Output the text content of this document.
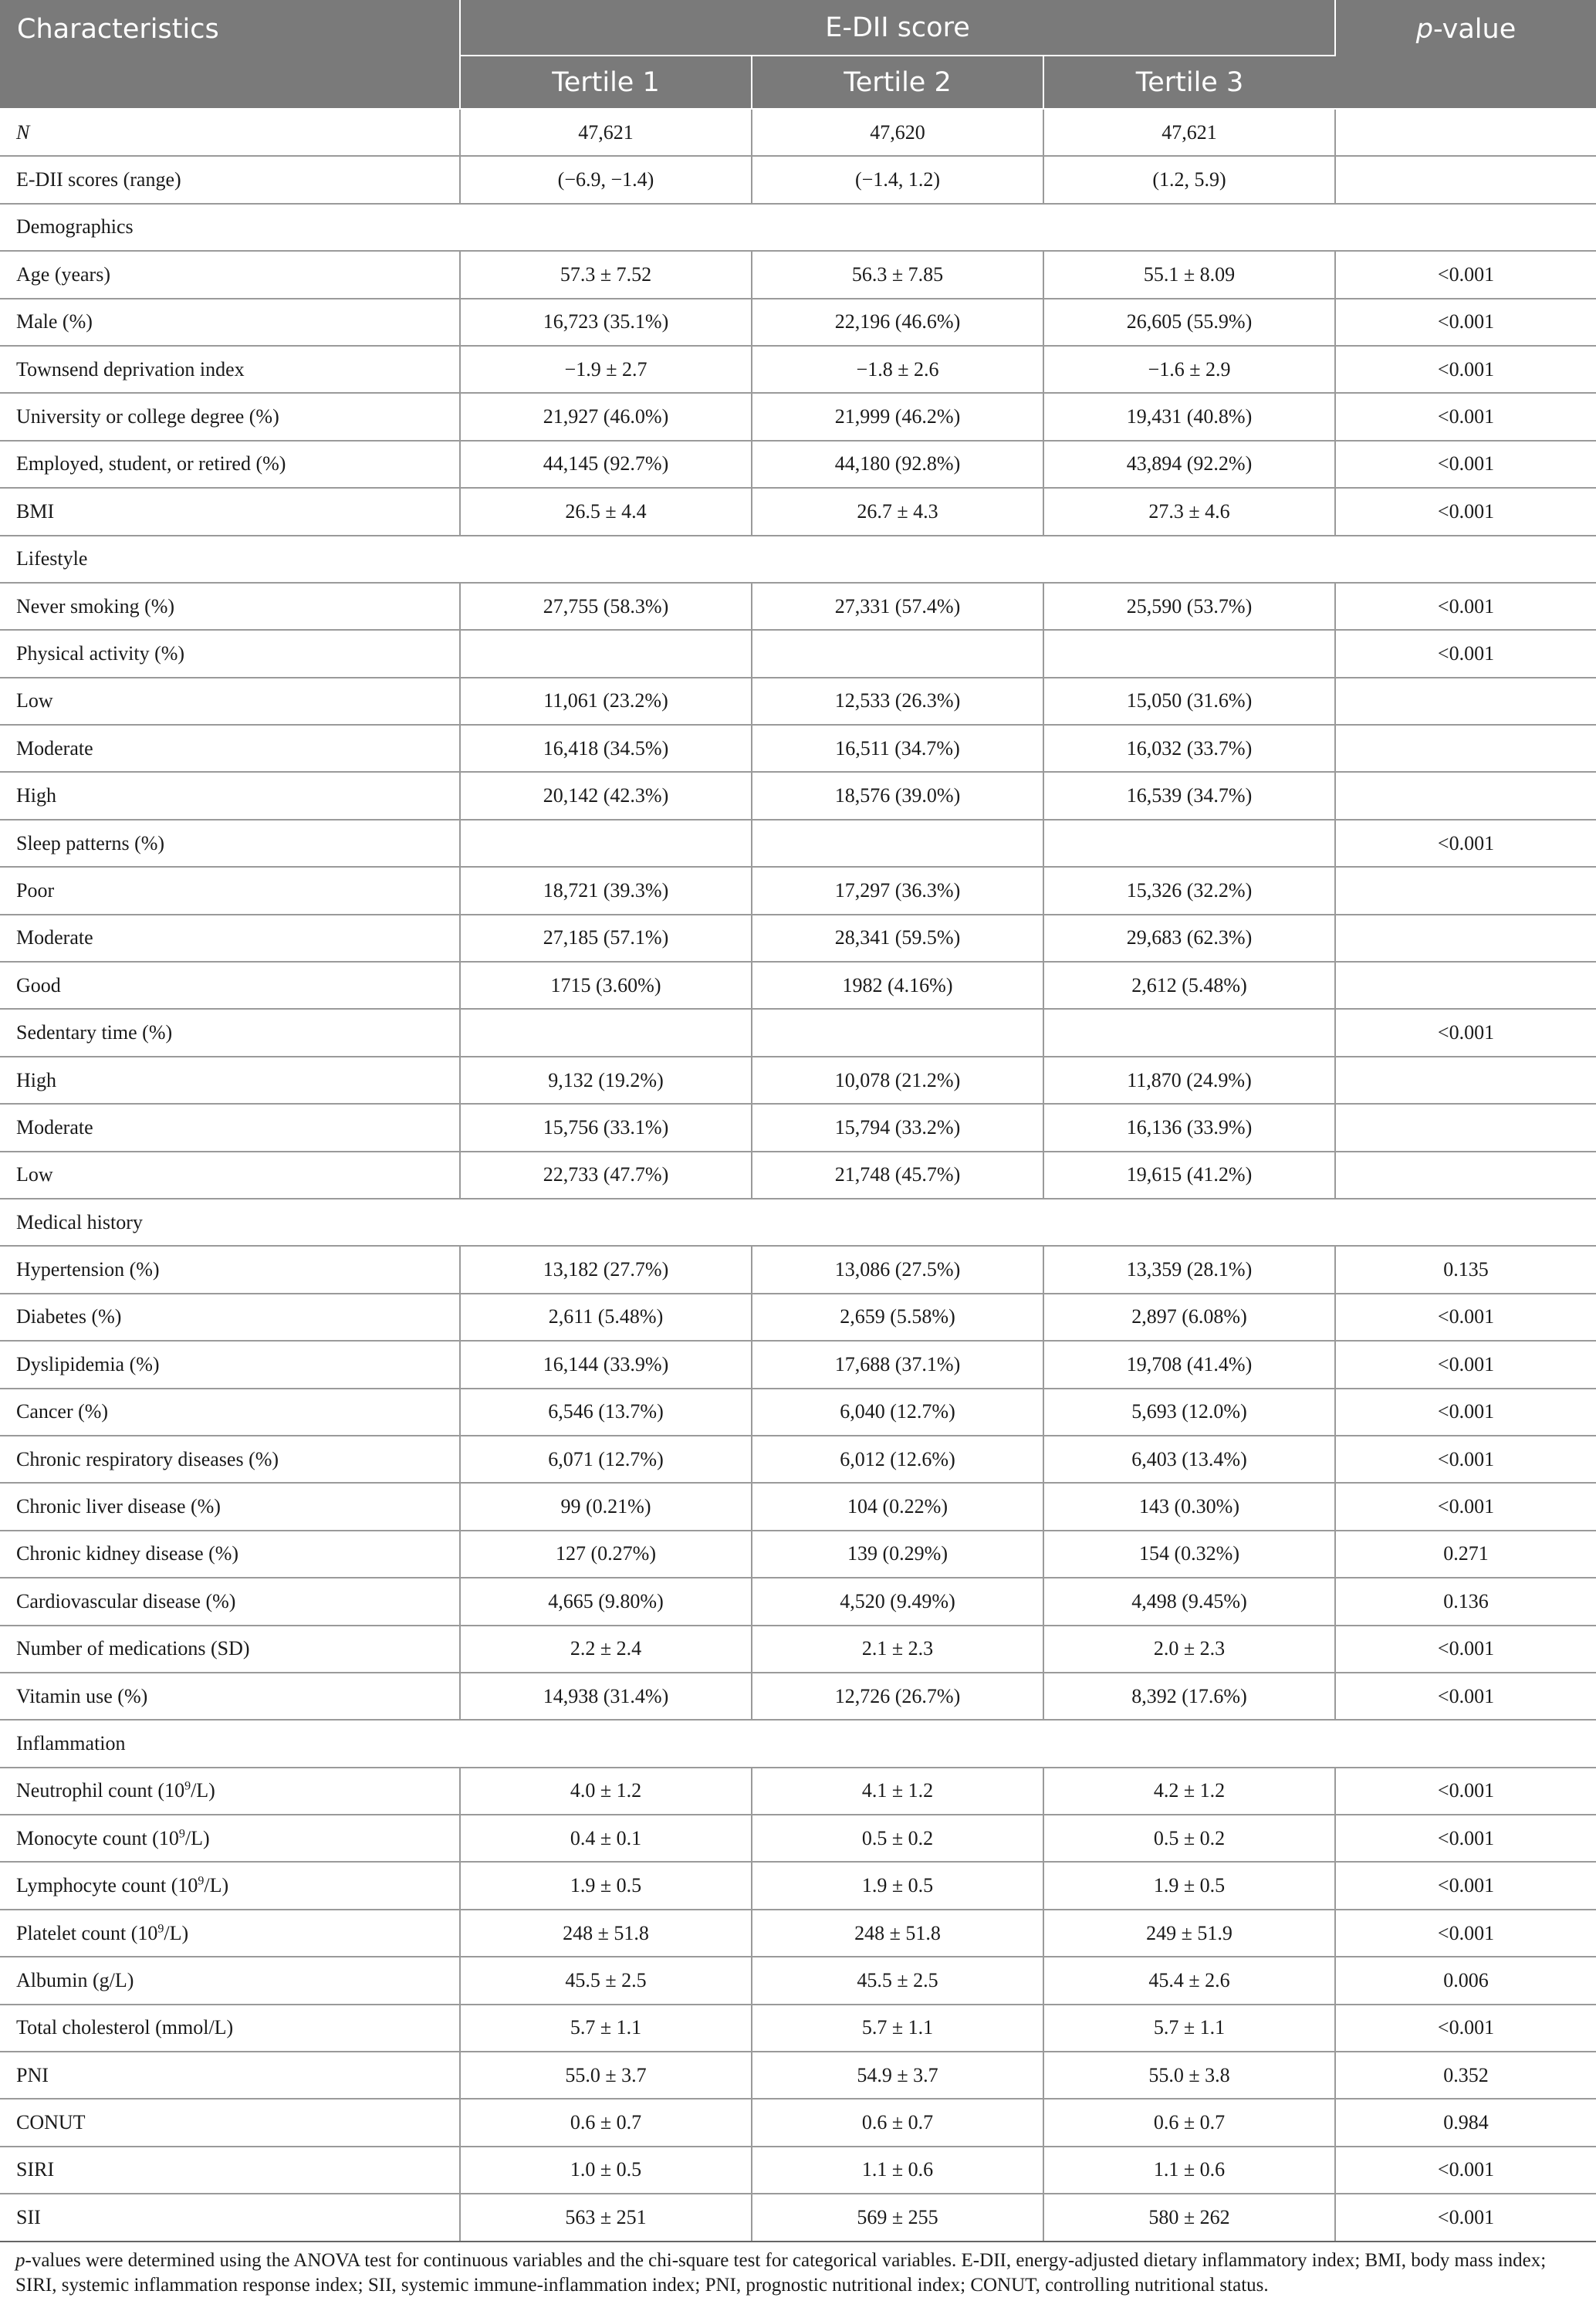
Characteristics	E-DII score			p-value
	Tertile 1	Tertile 2	Tertile 3	
N	47,621	47,620	47,621	
E-DII scores (range)	(−6.9, −1.4)	(−1.4, 1.2)	(1.2, 5.9)	
Demographics				
Age (years)	57.3 ± 7.52	56.3 ± 7.85	55.1 ± 8.09	<0.001
Male (%)	16,723 (35.1%)	22,196 (46.6%)	26,605 (55.9%)	<0.001
Townsend deprivation index	−1.9 ± 2.7	−1.8 ± 2.6	−1.6 ± 2.9	<0.001
University or college degree (%)	21,927 (46.0%)	21,999 (46.2%)	19,431 (40.8%)	<0.001
Employed, student, or retired (%)	44,145 (92.7%)	44,180 (92.8%)	43,894 (92.2%)	<0.001
BMI	26.5 ± 4.4	26.7 ± 4.3	27.3 ± 4.6	<0.001
Lifestyle				
Never smoking (%)	27,755 (58.3%)	27,331 (57.4%)	25,590 (53.7%)	<0.001
Physical activity (%)				<0.001
Low	11,061 (23.2%)	12,533 (26.3%)	15,050 (31.6%)	
Moderate	16,418 (34.5%)	16,511 (34.7%)	16,032 (33.7%)	
High	20,142 (42.3%)	18,576 (39.0%)	16,539 (34.7%)	
Sleep patterns (%)				<0.001
Poor	18,721 (39.3%)	17,297 (36.3%)	15,326 (32.2%)	
Moderate	27,185 (57.1%)	28,341 (59.5%)	29,683 (62.3%)	
Good	1715 (3.60%)	1982 (4.16%)	2,612 (5.48%)	
Sedentary time (%)				<0.001
High	9,132 (19.2%)	10,078 (21.2%)	11,870 (24.9%)	
Moderate	15,756 (33.1%)	15,794 (33.2%)	16,136 (33.9%)	
Low	22,733 (47.7%)	21,748 (45.7%)	19,615 (41.2%)	
Medical history				
Hypertension (%)	13,182 (27.7%)	13,086 (27.5%)	13,359 (28.1%)	0.135
Diabetes (%)	2,611 (5.48%)	2,659 (5.58%)	2,897 (6.08%)	<0.001
Dyslipidemia (%)	16,144 (33.9%)	17,688 (37.1%)	19,708 (41.4%)	<0.001
Cancer (%)	6,546 (13.7%)	6,040 (12.7%)	5,693 (12.0%)	<0.001
Chronic respiratory diseases (%)	6,071 (12.7%)	6,012 (12.6%)	6,403 (13.4%)	<0.001
Chronic liver disease (%)	99 (0.21%)	104 (0.22%)	143 (0.30%)	<0.001
Chronic kidney disease (%)	127 (0.27%)	139 (0.29%)	154 (0.32%)	0.271
Cardiovascular disease (%)	4,665 (9.80%)	4,520 (9.49%)	4,498 (9.45%)	0.136
Number of medications (SD)	2.2 ± 2.4	2.1 ± 2.3	2.0 ± 2.3	<0.001
Vitamin use (%)	14,938 (31.4%)	12,726 (26.7%)	8,392 (17.6%)	<0.001
Inflammation				
Neutrophil count $(10^9/L)$	4.0 ± 1.2	4.1 ± 1.2	4.2 ± 1.2	<0.001
Monocyte count $(10^9/L)$	0.4 ± 0.1	0.5 ± 0.2	0.5 ± 0.2	<0.001
Lymphocyte count $(10^9/L)$	1.9 ± 0.5	1.9 ± 0.5	1.9 ± 0.5	<0.001
Platelet count $(10^9/L)$	248 ± 51.8	248 ± 51.8	249 ± 51.9	<0.001
Albumin (g/L)	45.5 ± 2.5	45.5 ± 2.5	45.4 ± 2.6	0.006
Total cholesterol (mmol/L)	5.7 ± 1.1	5.7 ± 1.1	5.7 ± 1.1	<0.001
PNI	55.0 ± 3.7	54.9 ± 3.7	55.0 ± 3.8	0.352
CONUT	0.6 ± 0.7	0.6 ± 0.7	0.6 ± 0.7	0.984
SIRI	1.0 ± 0.5	1.1 ± 0.6	1.1 ± 0.6	<0.001
SII	563 ± 251	569 ± 255	580 ± 262	<0.001
p-values were determined using the ANOVA test for continuous variables and the chi-square test for categorical variables. E-DII, energy-adjusted dietary inflammatory index; BMI, body mass index; SIRI, systemic inflammation response index; SII, systemic immune-inflammation index; PNI, prognostic nutritional index; CONUT, controlling nutritional status.
